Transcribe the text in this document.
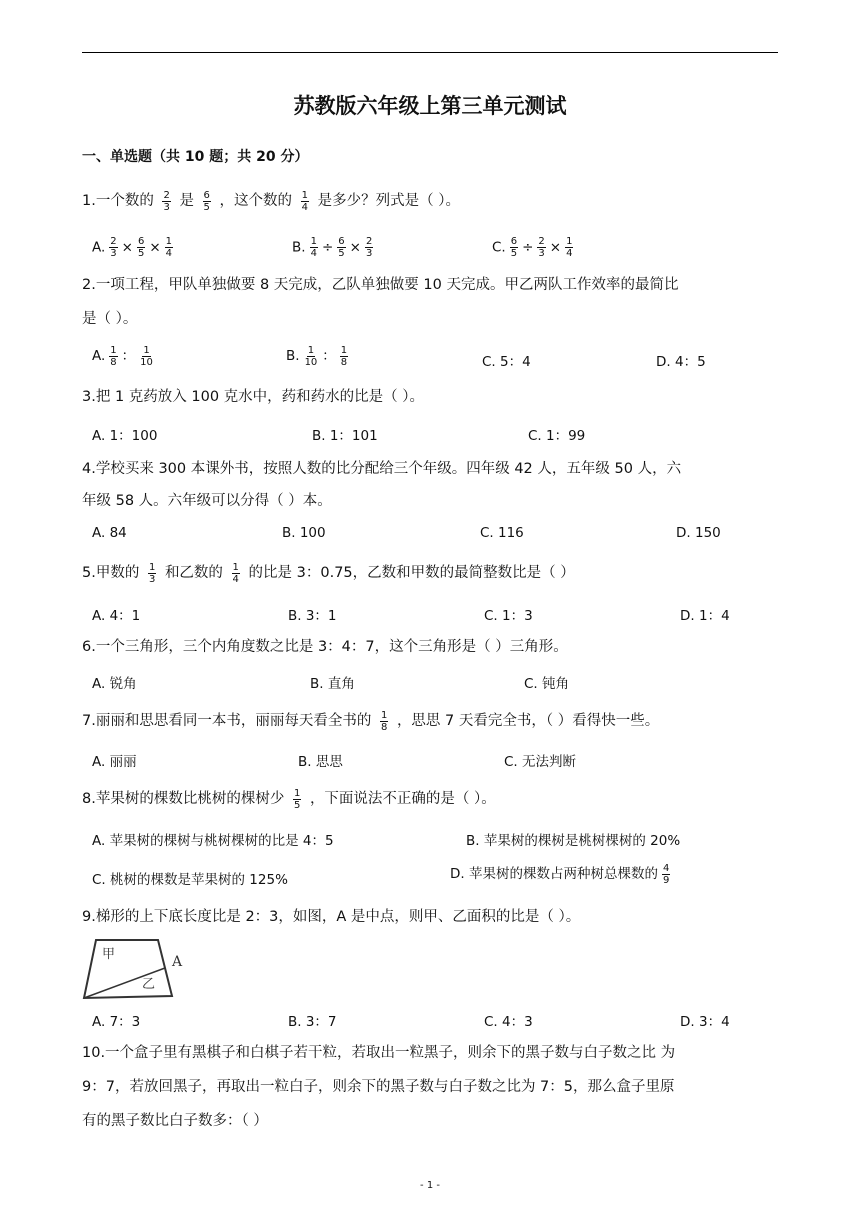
苏教版六年级上第三单元测试
一、单选题（共 10 题；共 20 分）
1.一个数的 $\frac{2}{3}$ 是 $\frac{6}{5}$ ，这个数的 $\frac{1}{4}$ 是多少？列式是（ ）。
A. $\frac{2}{3} \times \frac{6}{5} \times \frac{1}{4}$	B. $\frac{1}{4} \div \frac{6}{5} \times \frac{2}{3}$	C. $\frac{6}{5} \div \frac{2}{3} \times \frac{1}{4}$
2.一项工程，甲队单独做要 8 天完成，乙队单独做要 10 天完成。甲乙两队工作效率的最简比
是（ ）。
A. $\frac{1}{8}$ ： $\frac{1}{10}$	B. $\frac{1}{10}$ ： $\frac{1}{8}$	C. 5：4	D. 4：5
3.把 1 克药放入 100 克水中，药和药水的比是（ ）。
A. 1：100	B. 1：101	C. 1：99
4.学校买来 300 本课外书，按照人数的比分配给三个年级。四年级 42 人，五年级 50 人，六
年级 58 人。六年级可以分得（ ）本。
A. 84	B. 100	C. 116	D. 150
5.甲数的 $\frac{1}{3}$ 和乙数的 $\frac{1}{4}$ 的比是 3：0.75，乙数和甲数的最简整数比是（ ）
A. 4：1	B. 3：1	C. 1：3	D. 1：4
6.一个三角形，三个内角度数之比是 3：4：7，这个三角形是（ ）三角形。
A. 锐角	B. 直角	C. 钝角
7.丽丽和思思看同一本书，丽丽每天看全书的 $\frac{1}{8}$ ，思思 7 天看完全书，（ ）看得快一些。
A. 丽丽	B. 思思	C. 无法判断
8.苹果树的棵数比桃树的棵树少 $\frac{1}{5}$ ，下面说法不正确的是（ ）。
A. 苹果树的棵树与桃树棵树的比是 4：5	B. 苹果树的棵树是桃树棵树的 20%
C. 桃树的棵数是苹果树的 125%	D. 苹果树的棵数占两种树总棵数的 $\frac{4}{9}$
9.梯形的上下底长度比是 2：3，如图，A 是中点，则甲、乙面积的比是（ ）。
甲
乙
A
A. 7：3	B. 3：7	C. 4：3	D. 3：4
10.一个盒子里有黑棋子和白棋子若干粒，若取出一粒黑子，则余下的黑子数与白子数之比 为
9：7，若放回黑子，再取出一粒白子，则余下的黑子数与白子数之比为 7：5，那么盒子里原
有的黑子数比白子数多：（ ）
- 1 -
